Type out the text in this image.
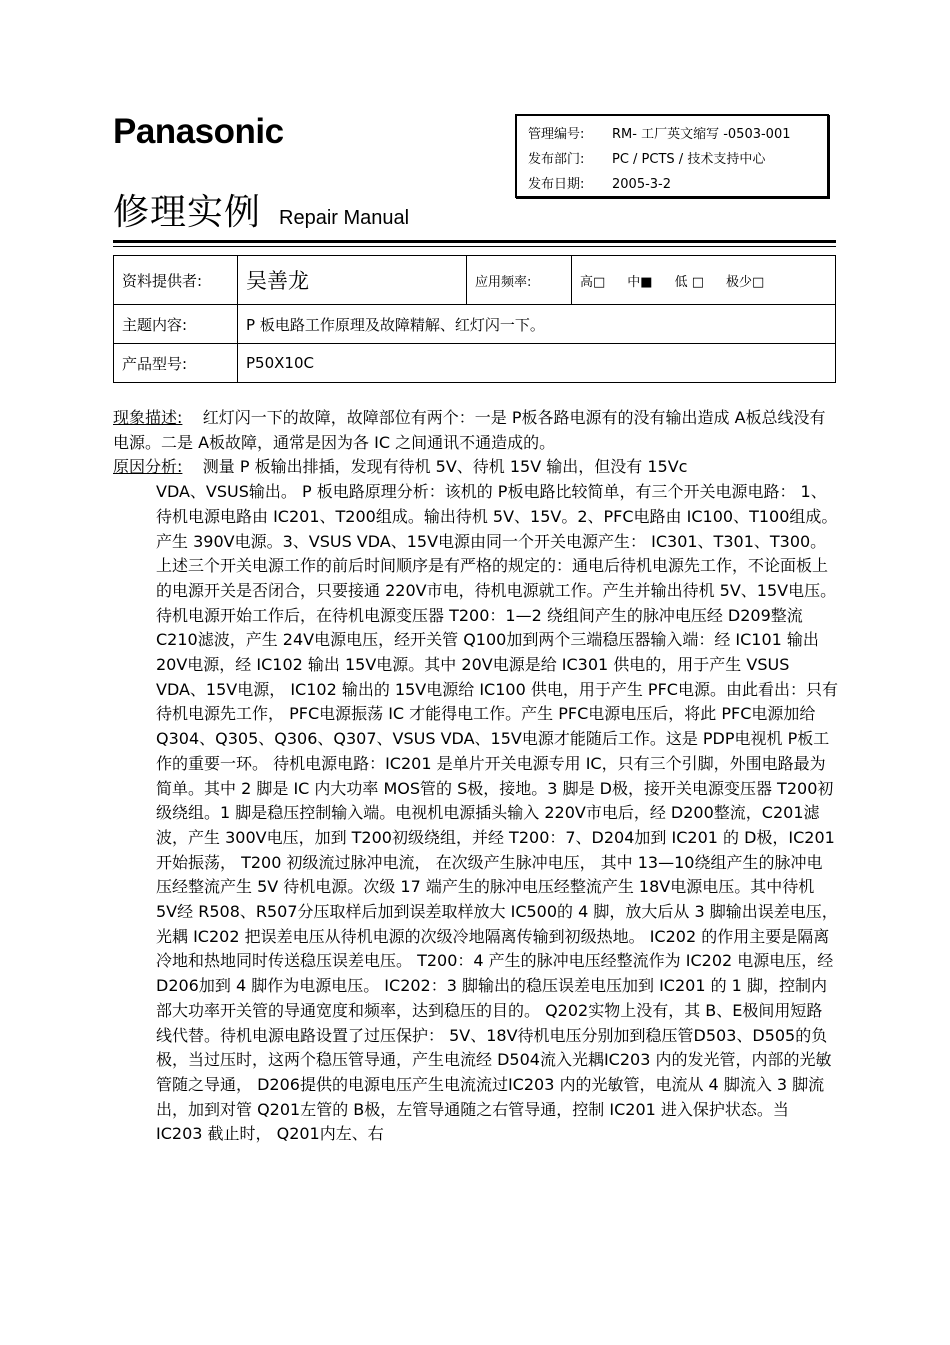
Panasonic
修理实例 Repair Manual
管理编号: RM- 工厂英文缩写 -0503-001
发布部门: PC / PCTS / 技术支持中心
发布日期: 2005-3-2
资料提供者:	吴善龙	应用频率:	高□ 中■ 低 □ 极少□
主题内容:	P 板电路工作原理及故障精解、红灯闪一下。		
产品型号:	P50X10C		

现象描述: 红灯闪一下的故障，故障部位有两个：一是 P板各路电源有的没有输出造成 A板总线没有电源。二是 A板故障，通常是因为各 IC 之间通讯不通造成的。

原因分析: 测量 P 板输出排插，发现有待机 5V、待机 15V 输出，但没有 15Vc

VDA、VSUS输出。 P 板电路原理分析：该机的 P板电路比较简单，有三个开关电源电路： 1、待机电源电路由 IC201、T200组成。输出待机 5V、15V。2、PFC电路由 IC100、T100组成。产生 390V电源。3、VSUS VDA、15V电源由同一个开关电源产生： IC301、T301、T300。上述三个开关电源工作的前后时间顺序是有严格的规定的：通电后待机电源先工作，不论面板上的电源开关是否闭合，只要接通 220V市电，待机电源就工作。产生并输出待机 5V、15V电压。待机电源开始工作后，在待机电源变压器 T200：1—2 绕组间产生的脉冲电压经 D209整流 C210滤波，产生 24V电源电压，经开关管 Q100加到两个三端稳压器输入端：经 IC101 输出 20V电源，经 IC102 输出 15V电源。其中 20V电源是给 IC301 供电的，用于产生 VSUS VDA、15V电源， IC102 输出的 15V电源给 IC100 供电，用于产生 PFC电源。由此看出：只有待机电源先工作， PFC电源振荡 IC 才能得电工作。产生 PFC电源电压后，将此 PFC电源加给 Q304、Q305、Q306、Q307、VSUS VDA、15V电源才能随后工作。这是 PDP电视机 P板工作的重要一环。 待机电源电路：IC201 是单片开关电源专用 IC，只有三个引脚，外围电路最为简单。其中 2 脚是 IC 内大功率 MOS管的 S极，接地。3 脚是 D极，接开关电源变压器 T200初级绕组。1 脚是稳压控制输入端。电视机电源插头输入 220V市电后，经 D200整流，C201滤波，产生 300V电压，加到 T200初级绕组，并经 T200：7、D204加到 IC201 的 D极，IC201 开始振荡， T200 初级流过脉冲电流， 在次级产生脉冲电压， 其中 13—10绕组产生的脉冲电压经整流产生 5V 待机电源。次级 17 端产生的脉冲电压经整流产生 18V电源电压。其中待机 5V经 R508、R507分压取样后加到误差取样放大 IC500的 4 脚，放大后从 3 脚输出误差电压，光耦 IC202 把误差电压从待机电源的次级冷地隔离传输到初级热地。 IC202 的作用主要是隔离冷地和热地同时传送稳压误差电压。 T200：4 产生的脉冲电压经整流作为 IC202 电源电压，经 D206加到 4 脚作为电源电压。 IC202：3 脚输出的稳压误差电压加到 IC201 的 1 脚，控制内部大功率开关管的导通宽度和频率，达到稳压的目的。 Q202实物上没有，其 B、E极间用短路线代替。待机电源电路设置了过压保护： 5V、18V待机电压分别加到稳压管D503、D505的负极，当过压时，这两个稳压管导通，产生电流经 D504流入光耦IC203 内的发光管，内部的光敏管随之导通， D206提供的电源电压产生电流流过IC203 内的光敏管，电流从 4 脚流入 3 脚流出，加到对管 Q201左管的 B极，左管导通随之右管导通，控制 IC201 进入保护状态。当 IC203 截止时， Q201内左、右
